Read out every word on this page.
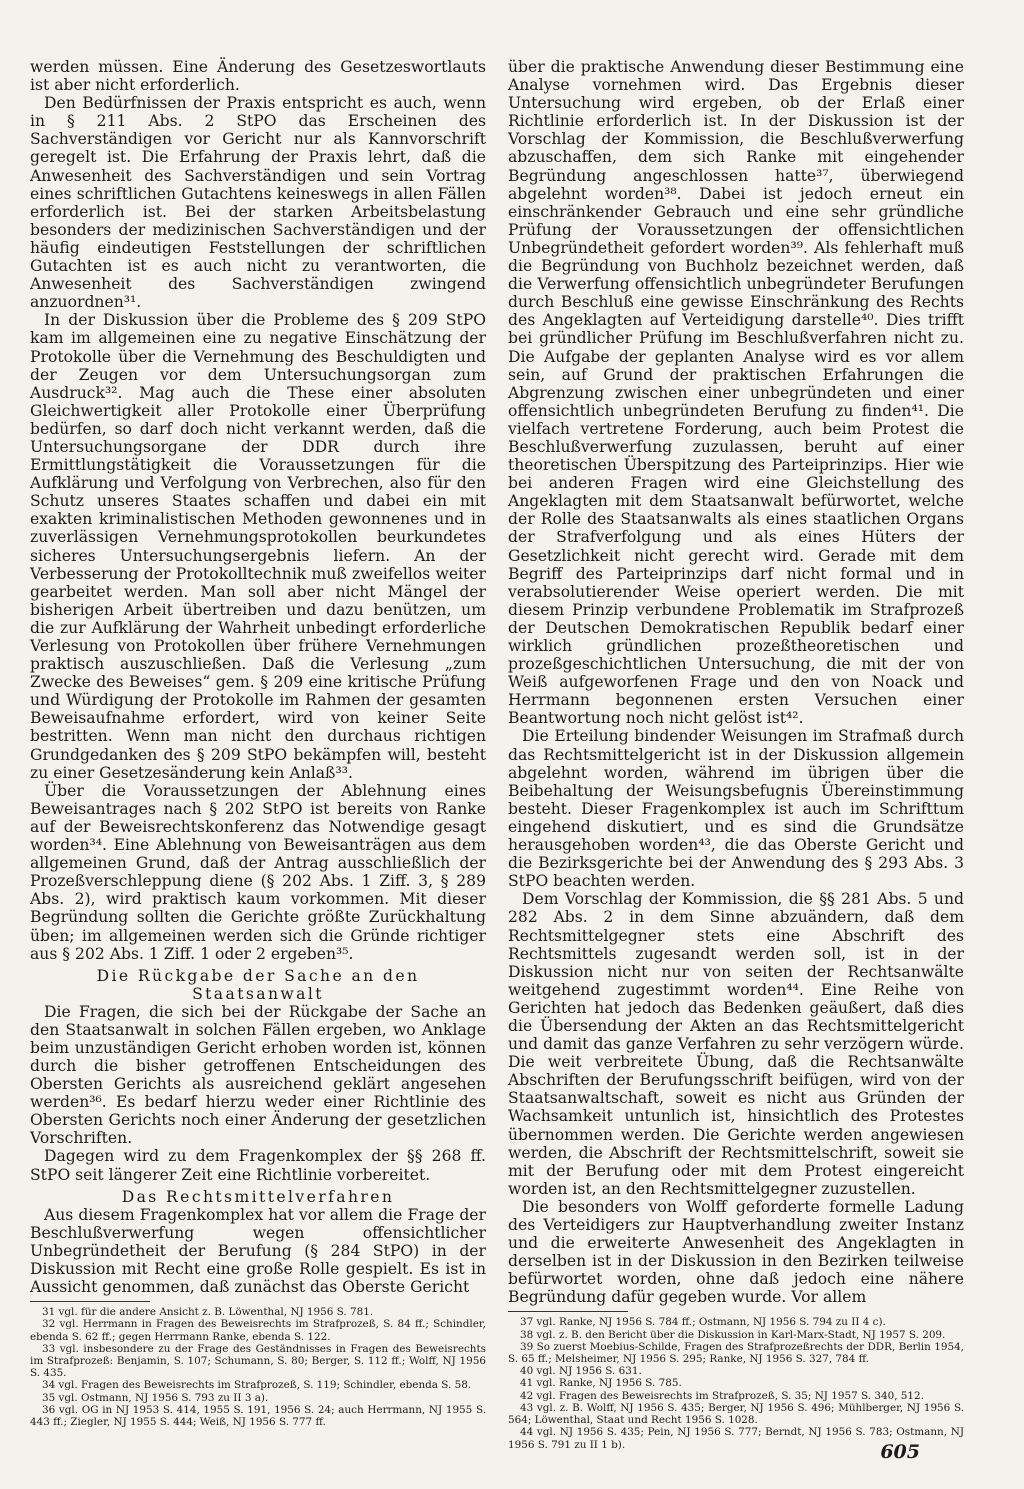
werden müssen. Eine Änderung des Gesetzeswortlauts ist aber nicht erforderlich.

Den Bedürfnissen der Praxis entspricht es auch, wenn in § 211 Abs. 2 StPO das Erscheinen des Sachverständigen vor Gericht nur als Kannvorschrift geregelt ist. Die Erfahrung der Praxis lehrt, daß die Anwesenheit des Sachverständigen und sein Vortrag eines schriftlichen Gutachtens keineswegs in allen Fällen erforderlich ist. Bei der starken Arbeitsbelastung besonders der medizinischen Sachverständigen und der häufig eindeutigen Feststellungen der schriftlichen Gutachten ist es auch nicht zu verantworten, die Anwesenheit des Sachverständigen zwingend anzuordnen³¹.

In der Diskussion über die Probleme des § 209 StPO kam im allgemeinen eine zu negative Einschätzung der Protokolle über die Vernehmung des Beschuldigten und der Zeugen vor dem Untersuchungsorgan zum Ausdruck³². Mag auch die These einer absoluten Gleichwertigkeit aller Protokolle einer Überprüfung bedürfen, so darf doch nicht verkannt werden, daß die Untersuchungsorgane der DDR durch ihre Ermittlungstätigkeit die Voraussetzungen für die Aufklärung und Verfolgung von Verbrechen, also für den Schutz unseres Staates schaffen und dabei ein mit exakten kriminalistischen Methoden gewonnenes und in zuverlässigen Vernehmungsprotokollen beurkundetes sicheres Untersuchungsergebnis liefern. An der Verbesserung der Protokolltechnik muß zweifellos weiter gearbeitet werden. Man soll aber nicht Mängel der bisherigen Arbeit übertreiben und dazu benützen, um die zur Aufklärung der Wahrheit unbedingt erforderliche Verlesung von Protokollen über frühere Vernehmungen praktisch auszuschließen. Daß die Verlesung „zum Zwecke des Beweises“ gem. § 209 eine kritische Prüfung und Würdigung der Protokolle im Rahmen der gesamten Beweisaufnahme erfordert, wird von keiner Seite bestritten. Wenn man nicht den durchaus richtigen Grundgedanken des § 209 StPO bekämpfen will, besteht zu einer Gesetzesänderung kein Anlaß³³.

Über die Voraussetzungen der Ablehnung eines Beweisantrages nach § 202 StPO ist bereits von Ranke auf der Beweisrechtskonferenz das Notwendige gesagt worden³⁴. Eine Ablehnung von Beweisanträgen aus dem allgemeinen Grund, daß der Antrag ausschließlich der Prozeßverschleppung diene (§ 202 Abs. 1 Ziff. 3, § 289 Abs. 2), wird praktisch kaum vorkommen. Mit dieser Begründung sollten die Gerichte größte Zurückhaltung üben; im allgemeinen werden sich die Gründe richtiger aus § 202 Abs. 1 Ziff. 1 oder 2 ergeben³⁵.

Die Rückgabe der Sache an den Staatsanwalt

Die Fragen, die sich bei der Rückgabe der Sache an den Staatsanwalt in solchen Fällen ergeben, wo Anklage beim unzuständigen Gericht erhoben worden ist, können durch die bisher getroffenen Entscheidungen des Obersten Gerichts als ausreichend geklärt angesehen werden³⁶. Es bedarf hierzu weder einer Richtlinie des Obersten Gerichts noch einer Änderung der gesetzlichen Vorschriften.

Dagegen wird zu dem Fragenkomplex der §§ 268 ff. StPO seit längerer Zeit eine Richtlinie vorbereitet.

Das Rechtsmittelverfahren

Aus diesem Fragenkomplex hat vor allem die Frage der Beschlußverwerfung wegen offensichtlicher Unbegründetheit der Berufung (§ 284 StPO) in der Diskussion mit Recht eine große Rolle gespielt. Es ist in Aussicht genommen, daß zunächst das Oberste Gericht

31 vgl. für die andere Ansicht z. B. Löwenthal, NJ 1956 S. 781.
32 vgl. Herrmann in Fragen des Beweisrechts im Strafprozeß, S. 84 ff.; Schindler, ebenda S. 62 ff.; gegen Herrmann Ranke, ebenda S. 122.
33 vgl. insbesondere zu der Frage des Geständnisses in Fragen des Beweisrechts im Strafprozeß: Benjamin, S. 107; Schumann, S. 80; Berger, S. 112 ff.; Wolff, NJ 1956 S. 435.
34 vgl. Fragen des Beweisrechts im Strafprozeß, S. 119; Schindler, ebenda S. 58.
35 vgl. Ostmann, NJ 1956 S. 793 zu II 3 a).
36 vgl. OG in NJ 1953 S. 414, 1955 S. 191, 1956 S. 24; auch Herrmann, NJ 1955 S. 443 ff.; Ziegler, NJ 1955 S. 444; Weiß, NJ 1956 S. 777 ff.

über die praktische Anwendung dieser Bestimmung eine Analyse vornehmen wird. Das Ergebnis dieser Untersuchung wird ergeben, ob der Erlaß einer Richtlinie erforderlich ist. In der Diskussion ist der Vorschlag der Kommission, die Beschlußverwerfung abzuschaffen, dem sich Ranke mit eingehender Begründung angeschlossen hatte³⁷, überwiegend abgelehnt worden³⁸. Dabei ist jedoch erneut ein einschränkender Gebrauch und eine sehr gründliche Prüfung der Voraussetzungen der offensichtlichen Unbegründetheit gefordert worden³⁹. Als fehlerhaft muß die Begründung von Buchholz bezeichnet werden, daß die Verwerfung offensichtlich unbegründeter Berufungen durch Beschluß eine gewisse Einschränkung des Rechts des Angeklagten auf Verteidigung darstelle⁴⁰. Dies trifft bei gründlicher Prüfung im Beschlußverfahren nicht zu. Die Aufgabe der geplanten Analyse wird es vor allem sein, auf Grund der praktischen Erfahrungen die Abgrenzung zwischen einer unbegründeten und einer offensichtlich unbegründeten Berufung zu finden⁴¹. Die vielfach vertretene Forderung, auch beim Protest die Beschlußverwerfung zuzulassen, beruht auf einer theoretischen Überspitzung des Parteiprinzips. Hier wie bei anderen Fragen wird eine Gleichstellung des Angeklagten mit dem Staatsanwalt befürwortet, welche der Rolle des Staatsanwalts als eines staatlichen Organs der Strafverfolgung und als eines Hüters der Gesetzlichkeit nicht gerecht wird. Gerade mit dem Begriff des Parteiprinzips darf nicht formal und in verabsolutierender Weise operiert werden. Die mit diesem Prinzip verbundene Problematik im Strafprozeß der Deutschen Demokratischen Republik bedarf einer wirklich gründlichen prozeßtheoretischen und prozeßgeschichtlichen Untersuchung, die mit der von Weiß aufgeworfenen Frage und den von Noack und Herrmann begonnenen ersten Versuchen einer Beantwortung noch nicht gelöst ist⁴².

Die Erteilung bindender Weisungen im Strafmaß durch das Rechtsmittelgericht ist in der Diskussion allgemein abgelehnt worden, während im übrigen über die Beibehaltung der Weisungsbefugnis Übereinstimmung besteht. Dieser Fragenkomplex ist auch im Schrifttum eingehend diskutiert, und es sind die Grundsätze herausgehoben worden⁴³, die das Oberste Gericht und die Bezirksgerichte bei der Anwendung des § 293 Abs. 3 StPO beachten werden.

Dem Vorschlag der Kommission, die §§ 281 Abs. 5 und 282 Abs. 2 in dem Sinne abzuändern, daß dem Rechtsmittelgegner stets eine Abschrift des Rechtsmittels zugesandt werden soll, ist in der Diskussion nicht nur von seiten der Rechtsanwälte weitgehend zugestimmt worden⁴⁴. Eine Reihe von Gerichten hat jedoch das Bedenken geäußert, daß dies die Übersendung der Akten an das Rechtsmittelgericht und damit das ganze Verfahren zu sehr verzögern würde. Die weit verbreitete Übung, daß die Rechtsanwälte Abschriften der Berufungsschrift beifügen, wird von der Staatsanwaltschaft, soweit es nicht aus Gründen der Wachsamkeit untunlich ist, hinsichtlich des Protestes übernommen werden. Die Gerichte werden angewiesen werden, die Abschrift der Rechtsmittelschrift, soweit sie mit der Berufung oder mit dem Protest eingereicht worden ist, an den Rechtsmittelgegner zuzustellen.

Die besonders von Wolff geforderte formelle Ladung des Verteidigers zur Hauptverhandlung zweiter Instanz und die erweiterte Anwesenheit des Angeklagten in derselben ist in der Diskussion in den Bezirken teilweise befürwortet worden, ohne daß jedoch eine nähere Begründung dafür gegeben wurde. Vor allem

37 vgl. Ranke, NJ 1956 S. 784 ff.; Ostmann, NJ 1956 S. 794 zu II 4 c).
38 vgl. z. B. den Bericht über die Diskussion in Karl-Marx-Stadt, NJ 1957 S. 209.
39 So zuerst Moebius-Schilde, Fragen des Strafprozeßrechts der DDR, Berlin 1954, S. 65 ff.; Melsheimer, NJ 1956 S. 295; Ranke, NJ 1956 S. 327, 784 ff.
40 vgl. NJ 1956 S. 631.
41 vgl. Ranke, NJ 1956 S. 785.
42 vgl. Fragen des Beweisrechts im Strafprozeß, S. 35; NJ 1957 S. 340, 512.
43 vgl. z. B. Wolff, NJ 1956 S. 435; Berger, NJ 1956 S. 496; Mühlberger, NJ 1956 S. 564; Löwenthal, Staat und Recht 1956 S. 1028.
44 vgl. NJ 1956 S. 435; Pein, NJ 1956 S. 777; Berndt, NJ 1956 S. 783; Ostmann, NJ 1956 S. 791 zu II 1 b).	605
